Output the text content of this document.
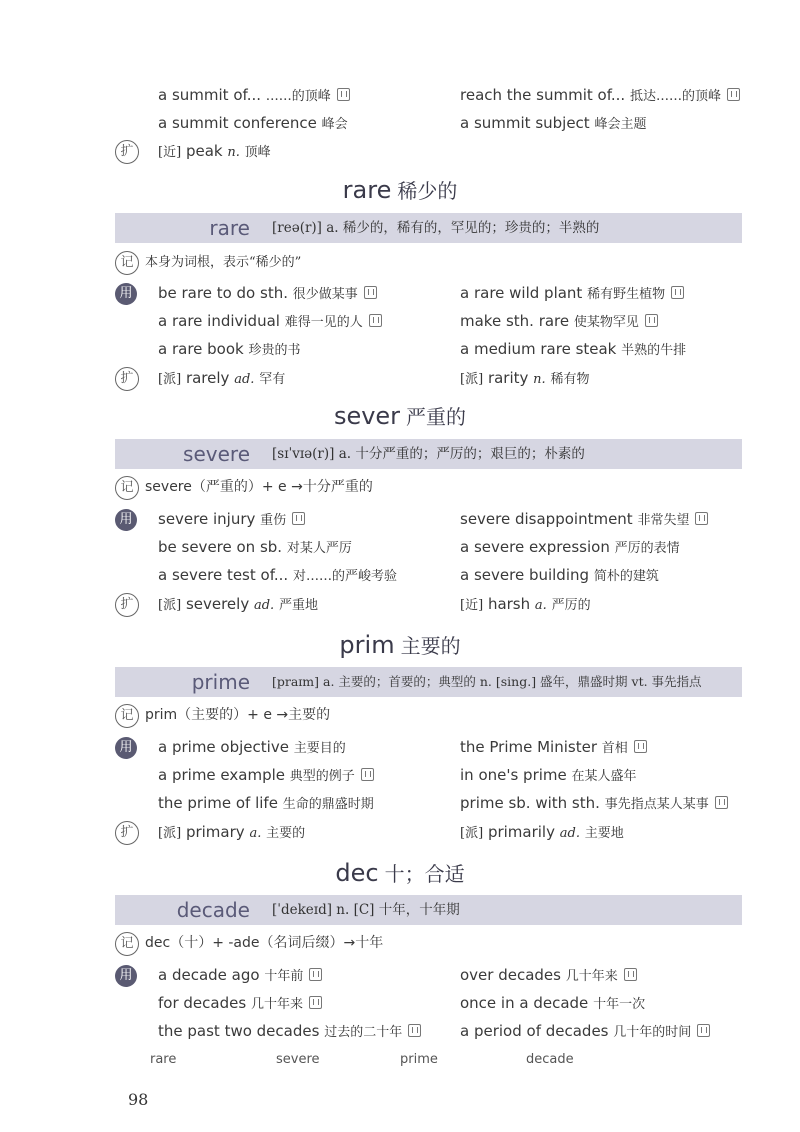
a summit of... ……的顶峰	reach the summit of... 抵达……的顶峰
a summit conference 峰会	a summit subject 峰会主题
扩	[近] peak n. 顶峰
rare 稀少的
rare [reə(r)] a. 稀少的，稀有的，罕见的；珍贵的；半熟的
记 本身为词根，表示“稀少的”
用	be rare to do sth. 很少做某事	a rare wild plant 稀有野生植物
a rare individual 难得一见的人	make sth. rare 使某物罕见
a rare book 珍贵的书	a medium rare steak 半熟的牛排
扩	[派] rarely ad. 罕有	[派] rarity n. 稀有物
sever 严重的
severe [sɪˈvɪə(r)] a. 十分严重的；严厉的；艰巨的；朴素的
记 severe（严重的）+ e →十分严重的
用	severe injury 重伤	severe disappointment 非常失望
be severe on sb. 对某人严厉	a severe expression 严厉的表情
a severe test of... 对……的严峻考验	a severe building 简朴的建筑
扩	[派] severely ad. 严重地	[近] harsh a. 严厉的
prim 主要的
prime [praɪm] a. 主要的；首要的；典型的 n. [sing.] 盛年，鼎盛时期 vt. 事先指点
记 prim（主要的）+ e →主要的
用	a prime objective 主要目的	the Prime Minister 首相
a prime example 典型的例子	in one's prime 在某人盛年
the prime of life 生命的鼎盛时期	prime sb. with sth. 事先指点某人某事
扩	[派] primary a. 主要的	[派] primarily ad. 主要地
dec 十；合适
decade [ˈdekeɪd] n. [C] 十年，十年期
记 dec（十）+ -ade（名词后缀）→十年
用	a decade ago 十年前	over decades 几十年来
for decades 几十年来	once in a decade 十年一次
the past two decades 过去的二十年	a period of decades 几十年的时间
rare	severe	prime	decade
98
